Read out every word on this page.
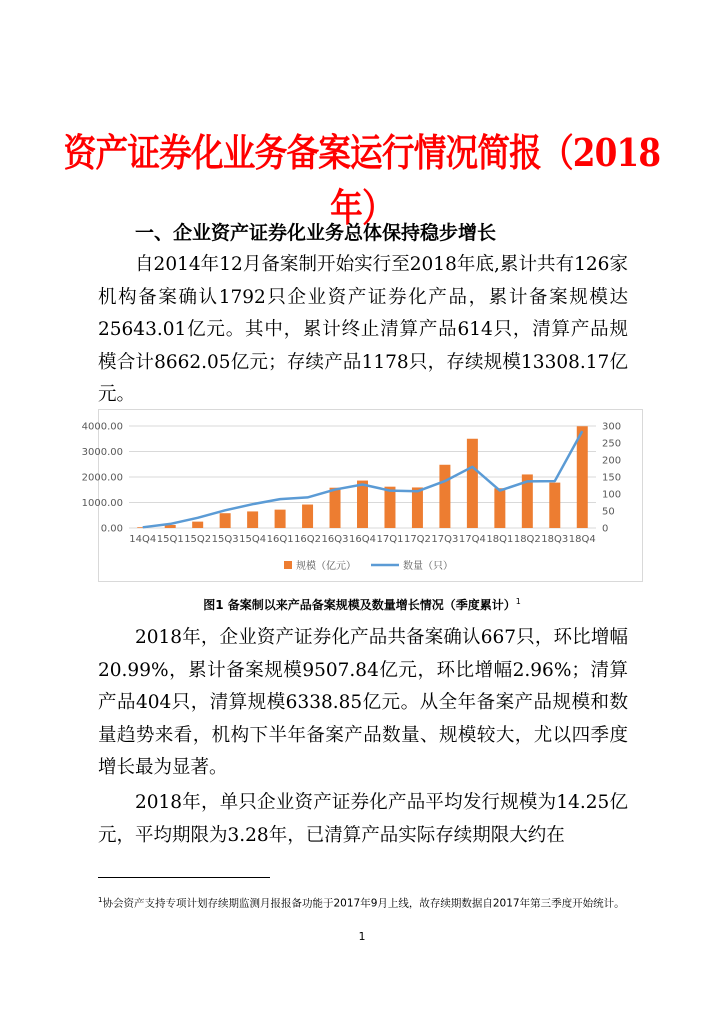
资产证券化业务备案运行情况简报（2018年）
一、企业资产证券化业务总体保持稳步增长
自2014年12月备案制开始实行至2018年底,累计共有126家机构备案确认1792只企业资产证券化产品，累计备案规模达25643.01亿元。其中，累计终止清算产品614只，清算产品规模合计8662.05亿元；存续产品1178只，存续规模13308.17亿元。
0.00
1000.00
2000.00
3000.00
4000.00
0
50
100
150
200
250
300
14Q4 15Q1 15Q2 15Q3 15Q4 16Q1 16Q2 16Q3 16Q4 17Q1 17Q2 17Q3 17Q4 18Q1 18Q2 18Q3 18Q4
规模（亿元）	数量（只）
图1 备案制以来产品备案规模及数量增长情况（季度累计）$^1$
2018年，企业资产证券化产品共备案确认667只，环比增幅20.99%，累计备案规模9507.84亿元，环比增幅2.96%；清算产品404只，清算规模6338.85亿元。从全年备案产品规模和数量趋势来看，机构下半年备案产品数量、规模较大，尤以四季度增长最为显著。
2018年，单只企业资产证券化产品平均发行规模为14.25亿元，平均期限为3.28年，已清算产品实际存续期限大约在
$^1$协会资产支持专项计划存续期监测月报报备功能于2017年9月上线，故存续期数据自2017年第三季度开始统计。
1
